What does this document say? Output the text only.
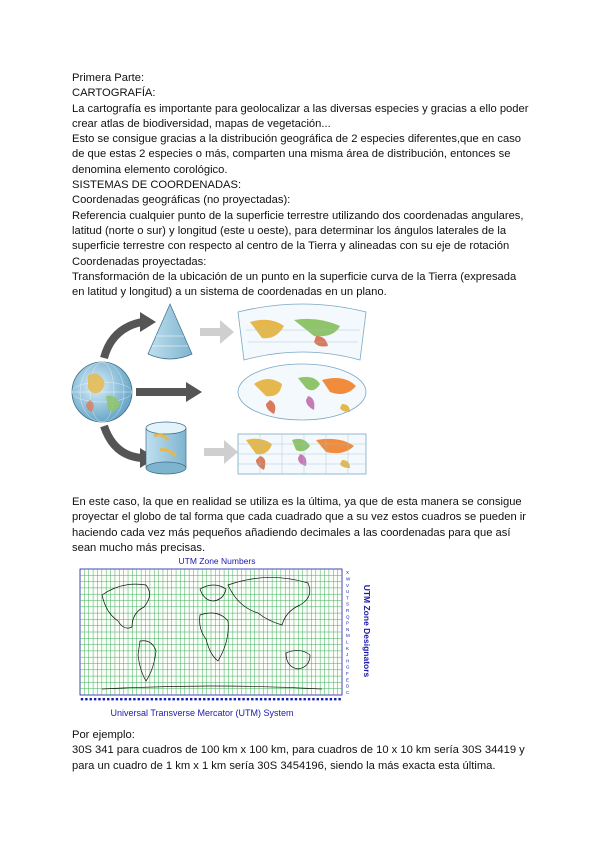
Primera Parte:

CARTOGRAFÍA:

La cartografía es importante para geolocalizar a las diversas especies y gracias a ello poder

crear atlas de biodiversidad, mapas de vegetación...

Esto se consigue gracias a la distribución geográfica de 2 especies diferentes,que en caso

de que estas 2 especies o más, comparten una misma área de distribución, entonces se

denomina elemento corológico.

SISTEMAS DE COORDENADAS:

Coordenadas geográficas (no proyectadas):

Referencia cualquier punto de la superficie terrestre utilizando dos coordenadas angulares,

latitud (norte o sur) y longitud (este u oeste), para determinar los ángulos laterales de la

superficie terrestre con respecto al centro de la Tierra y alineadas con su eje de rotación

Coordenadas proyectadas:

Transformación de la ubicación de un punto en la superficie curva de la Tierra (expresada

en latitud y longitud) a un sistema de coordenadas en un plano.

En este caso, la que en realidad se utiliza es la última, ya que de esta manera se consigue

proyectar el globo de tal forma que cada cuadrado que a su vez estos cuadros se pueden ir

haciendo cada vez más pequeños añadiendo decimales a las coordenadas para que así

sean mucho más precisas.

UTM Zone Numbers
X
W
V
U
T
S
R
Q
P
N
M
L
K
J
H
G
F
E
D
C
UTM Zone Designators
Universal Transverse Mercator (UTM) System

Por ejemplo:

30S 341 para cuadros de 100 km x 100 km, para cuadros de 10 x 10 km sería 30S 34419 y

para un cuadro de 1 km x 1 km sería 30S 3454196, siendo la más exacta esta última.
